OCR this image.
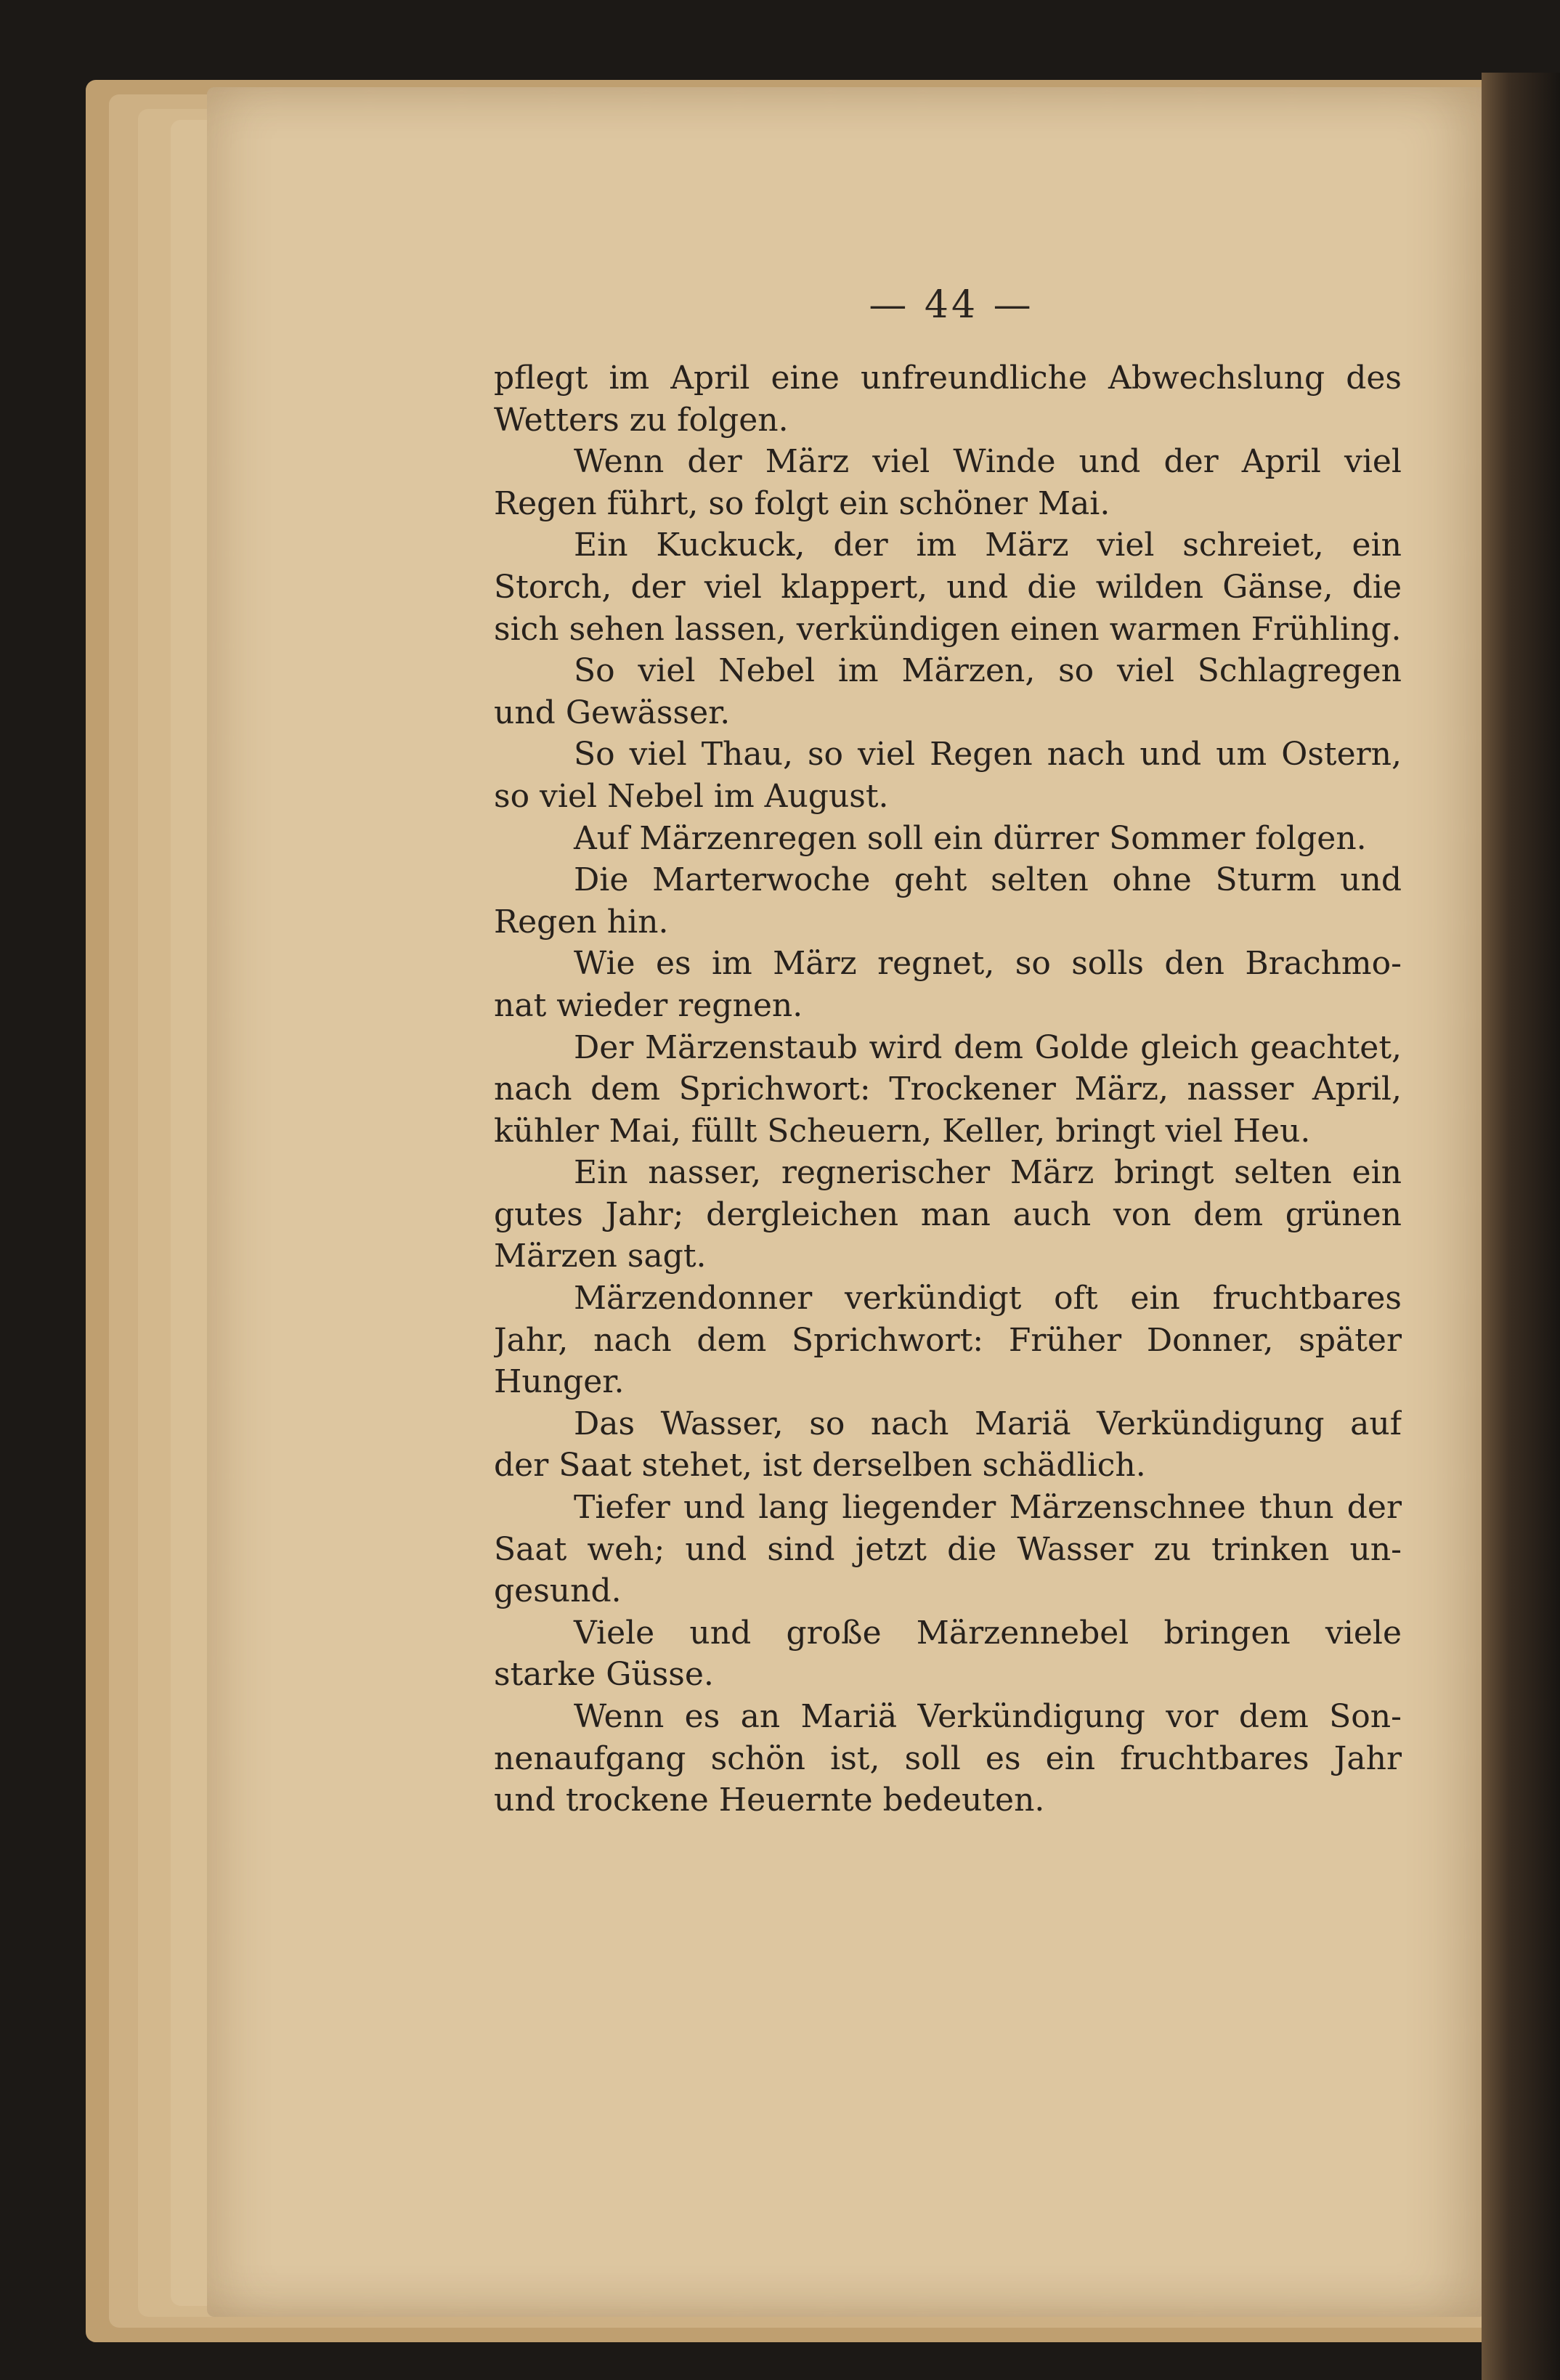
— 44 —
pflegt im April eine unfreundliche Abwechslung des
Wetters zu folgen.
Wenn der März viel Winde und der April viel
Regen führt, so folgt ein schöner Mai.
Ein Kuckuck, der im März viel schreiet, ein
Storch, der viel klappert, und die wilden Gänse, die
sich sehen lassen, verkündigen einen warmen Frühling.
So viel Nebel im Märzen, so viel Schlagregen
und Gewässer.
So viel Thau, so viel Regen nach und um Ostern,
so viel Nebel im August.
Auf Märzenregen soll ein dürrer Sommer folgen.
Die Marterwoche geht selten ohne Sturm und
Regen hin.
Wie es im März regnet, so solls den Brachmo-
nat wieder regnen.
Der Märzenstaub wird dem Golde gleich geachtet,
nach dem Sprichwort: Trockener März, nasser April,
kühler Mai, füllt Scheuern, Keller, bringt viel Heu.
Ein nasser, regnerischer März bringt selten ein
gutes Jahr; dergleichen man auch von dem grünen
Märzen sagt.
Märzendonner verkündigt oft ein fruchtbares
Jahr, nach dem Sprichwort: Früher Donner, später
Hunger.
Das Wasser, so nach Mariä Verkündigung auf
der Saat stehet, ist derselben schädlich.
Tiefer und lang liegender Märzenschnee thun der
Saat weh; und sind jetzt die Wasser zu trinken un-
gesund.
Viele und große Märzennebel bringen viele
starke Güsse.
Wenn es an Mariä Verkündigung vor dem Son-
nenaufgang schön ist, soll es ein fruchtbares Jahr
und trockene Heuernte bedeuten.
